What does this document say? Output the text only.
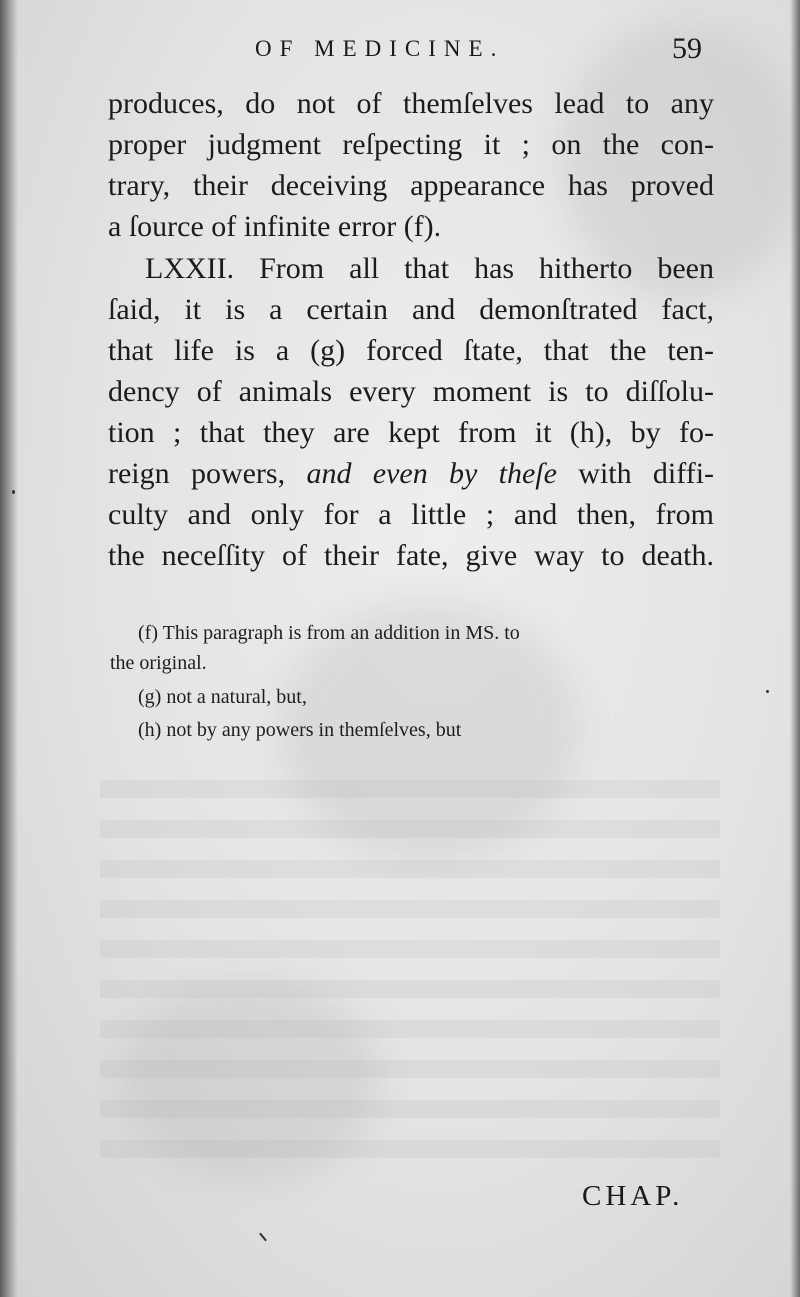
OF MEDICINE.	59
produces, do not of themſelves lead to any
proper judgment reſpecting it ; on the con-
trary, their deceiving appearance has proved
a ſource of infinite error (f).
LXXII. From all that has hitherto been
ſaid, it is a certain and demonſtrated fact,
that life is a (g) forced ſtate, that the ten-
dency of animals every moment is to diſſolu-
tion ; that they are kept from it (h), by fo-
reign powers, and even by theſe with diffi-
culty and only for a little ; and then, from
the neceſſity of their fate, give way to death.
(f) This paragraph is from an addition in MS. to
the original.
(g) not a natural, but,
(h) not by any powers in themſelves, but
CHAP.
